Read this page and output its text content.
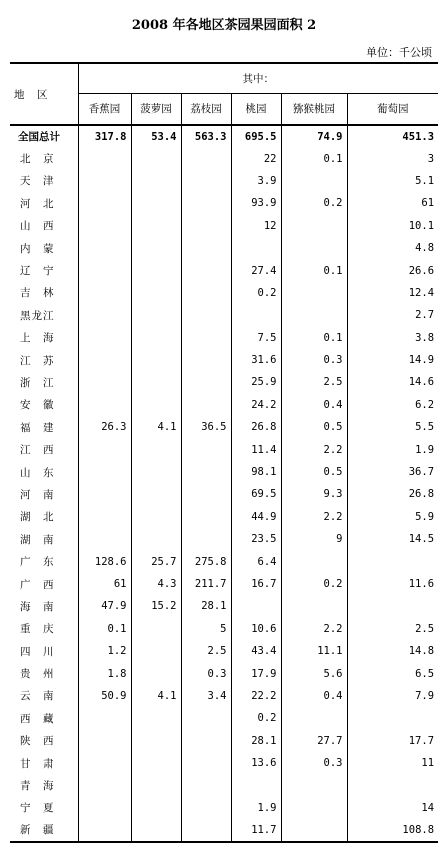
2008 年各地区茶园果园面积 2
单位：千公顷
地　区	其中：					
	香蕉园	菠萝园	荔枝园	桃园	猕猴桃园	葡萄园
全国总计	317.8	53.4	563.3	695.5	74.9	451.3
北　京				22	0.1	3
天　津				3.9		5.1
河　北				93.9	0.2	61
山　西				12		10.1
内　蒙						4.8
辽　宁				27.4	0.1	26.6
吉　林				0.2		12.4
黑龙江						2.7
上　海				7.5	0.1	3.8
江　苏				31.6	0.3	14.9
浙　江				25.9	2.5	14.6
安　徽				24.2	0.4	6.2
福　建	26.3	4.1	36.5	26.8	0.5	5.5
江　西				11.4	2.2	1.9
山　东				98.1	0.5	36.7
河　南				69.5	9.3	26.8
湖　北				44.9	2.2	5.9
湖　南				23.5	9	14.5
广　东	128.6	25.7	275.8	6.4		
广　西	61	4.3	211.7	16.7	0.2	11.6
海　南	47.9	15.2	28.1			
重　庆	0.1		5	10.6	2.2	2.5
四　川	1.2		2.5	43.4	11.1	14.8
贵　州	1.8		0.3	17.9	5.6	6.5
云　南	50.9	4.1	3.4	22.2	0.4	7.9
西　藏				0.2		
陕　西				28.1	27.7	17.7
甘　肃				13.6	0.3	11
青　海						
宁　夏				1.9		14
新　疆				11.7		108.8
